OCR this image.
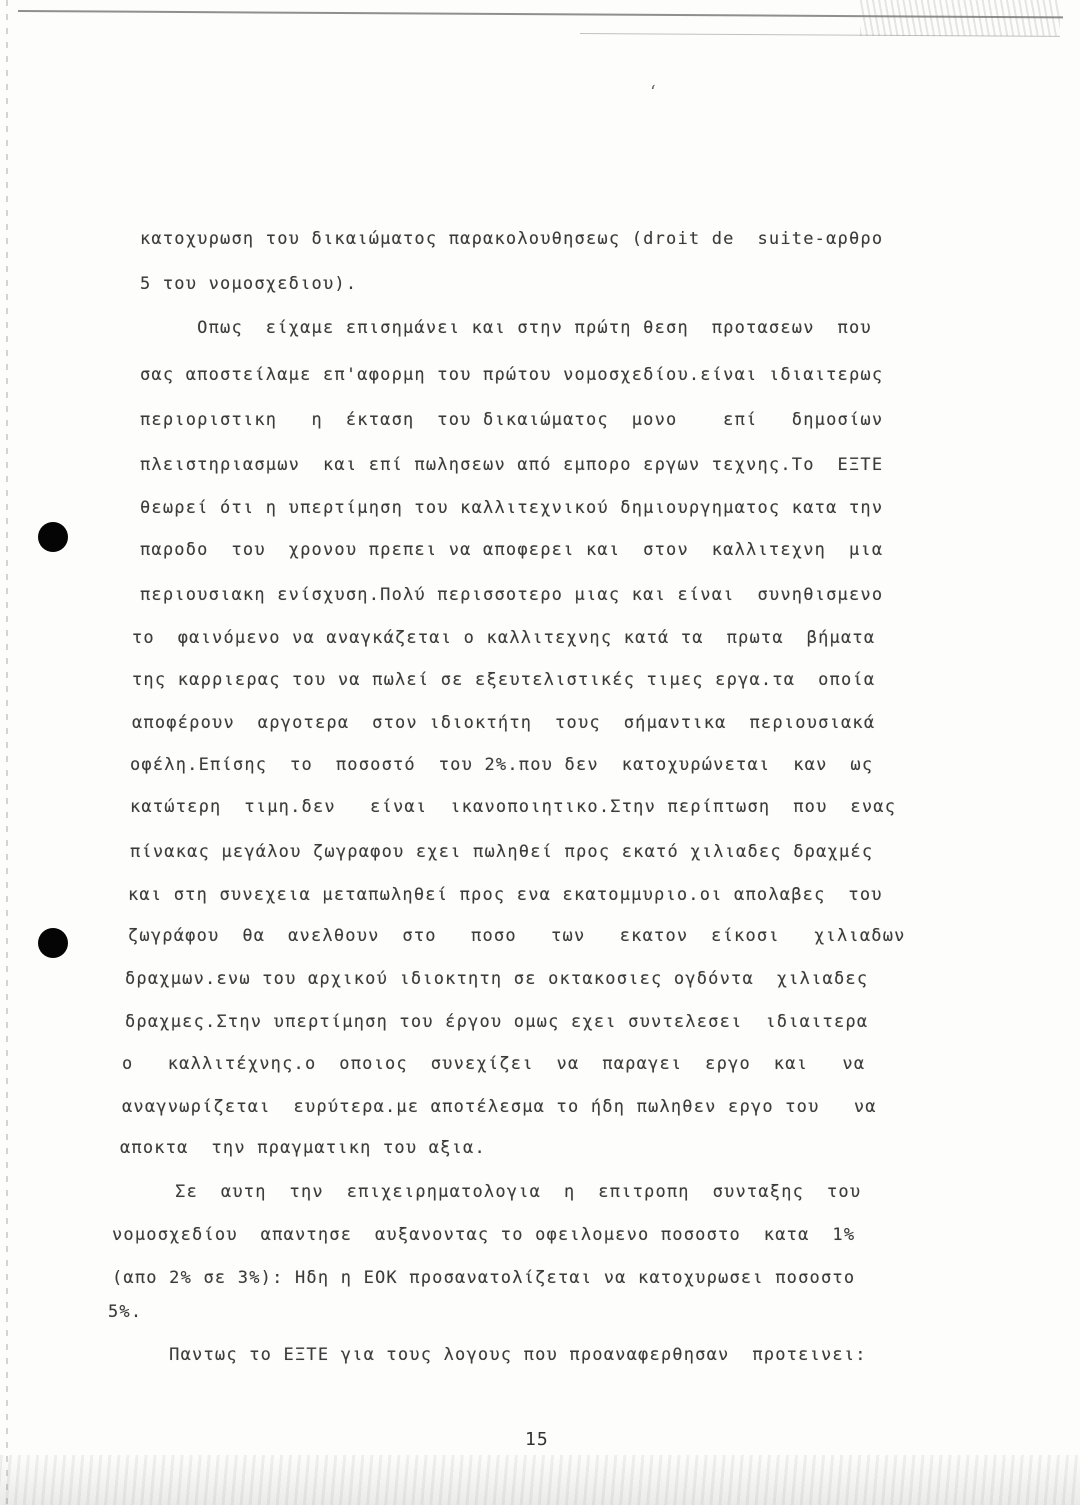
ʻ
κατοχυρωση του δικαιώματος παρακολουθησεως (droit de  suite-αρθρο
5 του νομοσχεδιου).
Οπως  είχαμε επισημάνει και στην πρώτη θεση  προτασεων  που
σας αποστείλαμε επ'αφορμη του πρώτου νομοσχεδίου.είναι ιδιαιτερως
περιοριστικη   η  έκταση  του δικαιώματος  μονο    επί   δημοσίων
πλειστηριασμων  και επί πωλησεων από εμπορο εργων τεχνης.Το  ΕΞΤΕ
θεωρεί ότι η υπερτίμηση του καλλιτεχνικού δημιουργηματος κατα την
παροδο  του  χρονου πρεπει να αποφερει και  στον  καλλιτεχνη  μια
περιουσιακη ενίσχυση.Πολύ περισσοτερο μιας και είναι  συνηθισμενο
το  φαινόμενο να αναγκάζεται ο καλλιτεχνης κατά τα  πρωτα  βήματα
της καρριερας του να πωλεί σε εξευτελιστικές τιμες εργα.τα  οποία
αποφέρουν  αργοτερα  στον ιδιοκτήτη  τους  σήμαντικα  περιουσιακά
οφέλη.Επίσης  το  ποσοστό  του 2%.που δεν  κατοχυρώνεται  καν  ως
κατώτερη  τιμη.δεν   είναι  ικανοποιητικο.Στην περίπτωση  που  ενας
πίνακας μεγάλου ζωγραφου εχει πωληθεί προς εκατό χιλιαδες δραχμές
και στη συνεχεια μεταπωληθεί προς ενα εκατομμυριο.οι απολαβες  του
ζωγράφου  θα  ανελθουν  στο   ποσο   των   εκατον  είκοσι   χιλιαδων
δραχμων.ενω του αρχικού ιδιοκτητη σε οκτακοσιες ογδόντα  χιλιαδες
δραχμες.Στην υπερτίμηση του έργου ομως εχει συντελεσει  ιδιαιτερα
ο   καλλιτέχνης.ο  οποιος  συνεχίζει  να  παραγει  εργο  και   να
αναγνωρίζεται  ευρύτερα.με αποτέλεσμα το ήδη πωληθεν εργο του   να
αποκτα  την πραγματικη του αξια.
Σε  αυτη  την  επιχειρηματολογια  η  επιτροπη  συνταξης  του
νομοσχεδίου  απαντησε  αυξανοντας το οφειλομενο ποσοστο  κατα  1%
(απο 2% σε 3%): Ηδη η ΕΟΚ προσανατολίζεται να κατοχυρωσει ποσοστο
5%.
Παντως το ΕΞΤΕ για τους λογους που προαναφερθησαν  προτεινει:
15
